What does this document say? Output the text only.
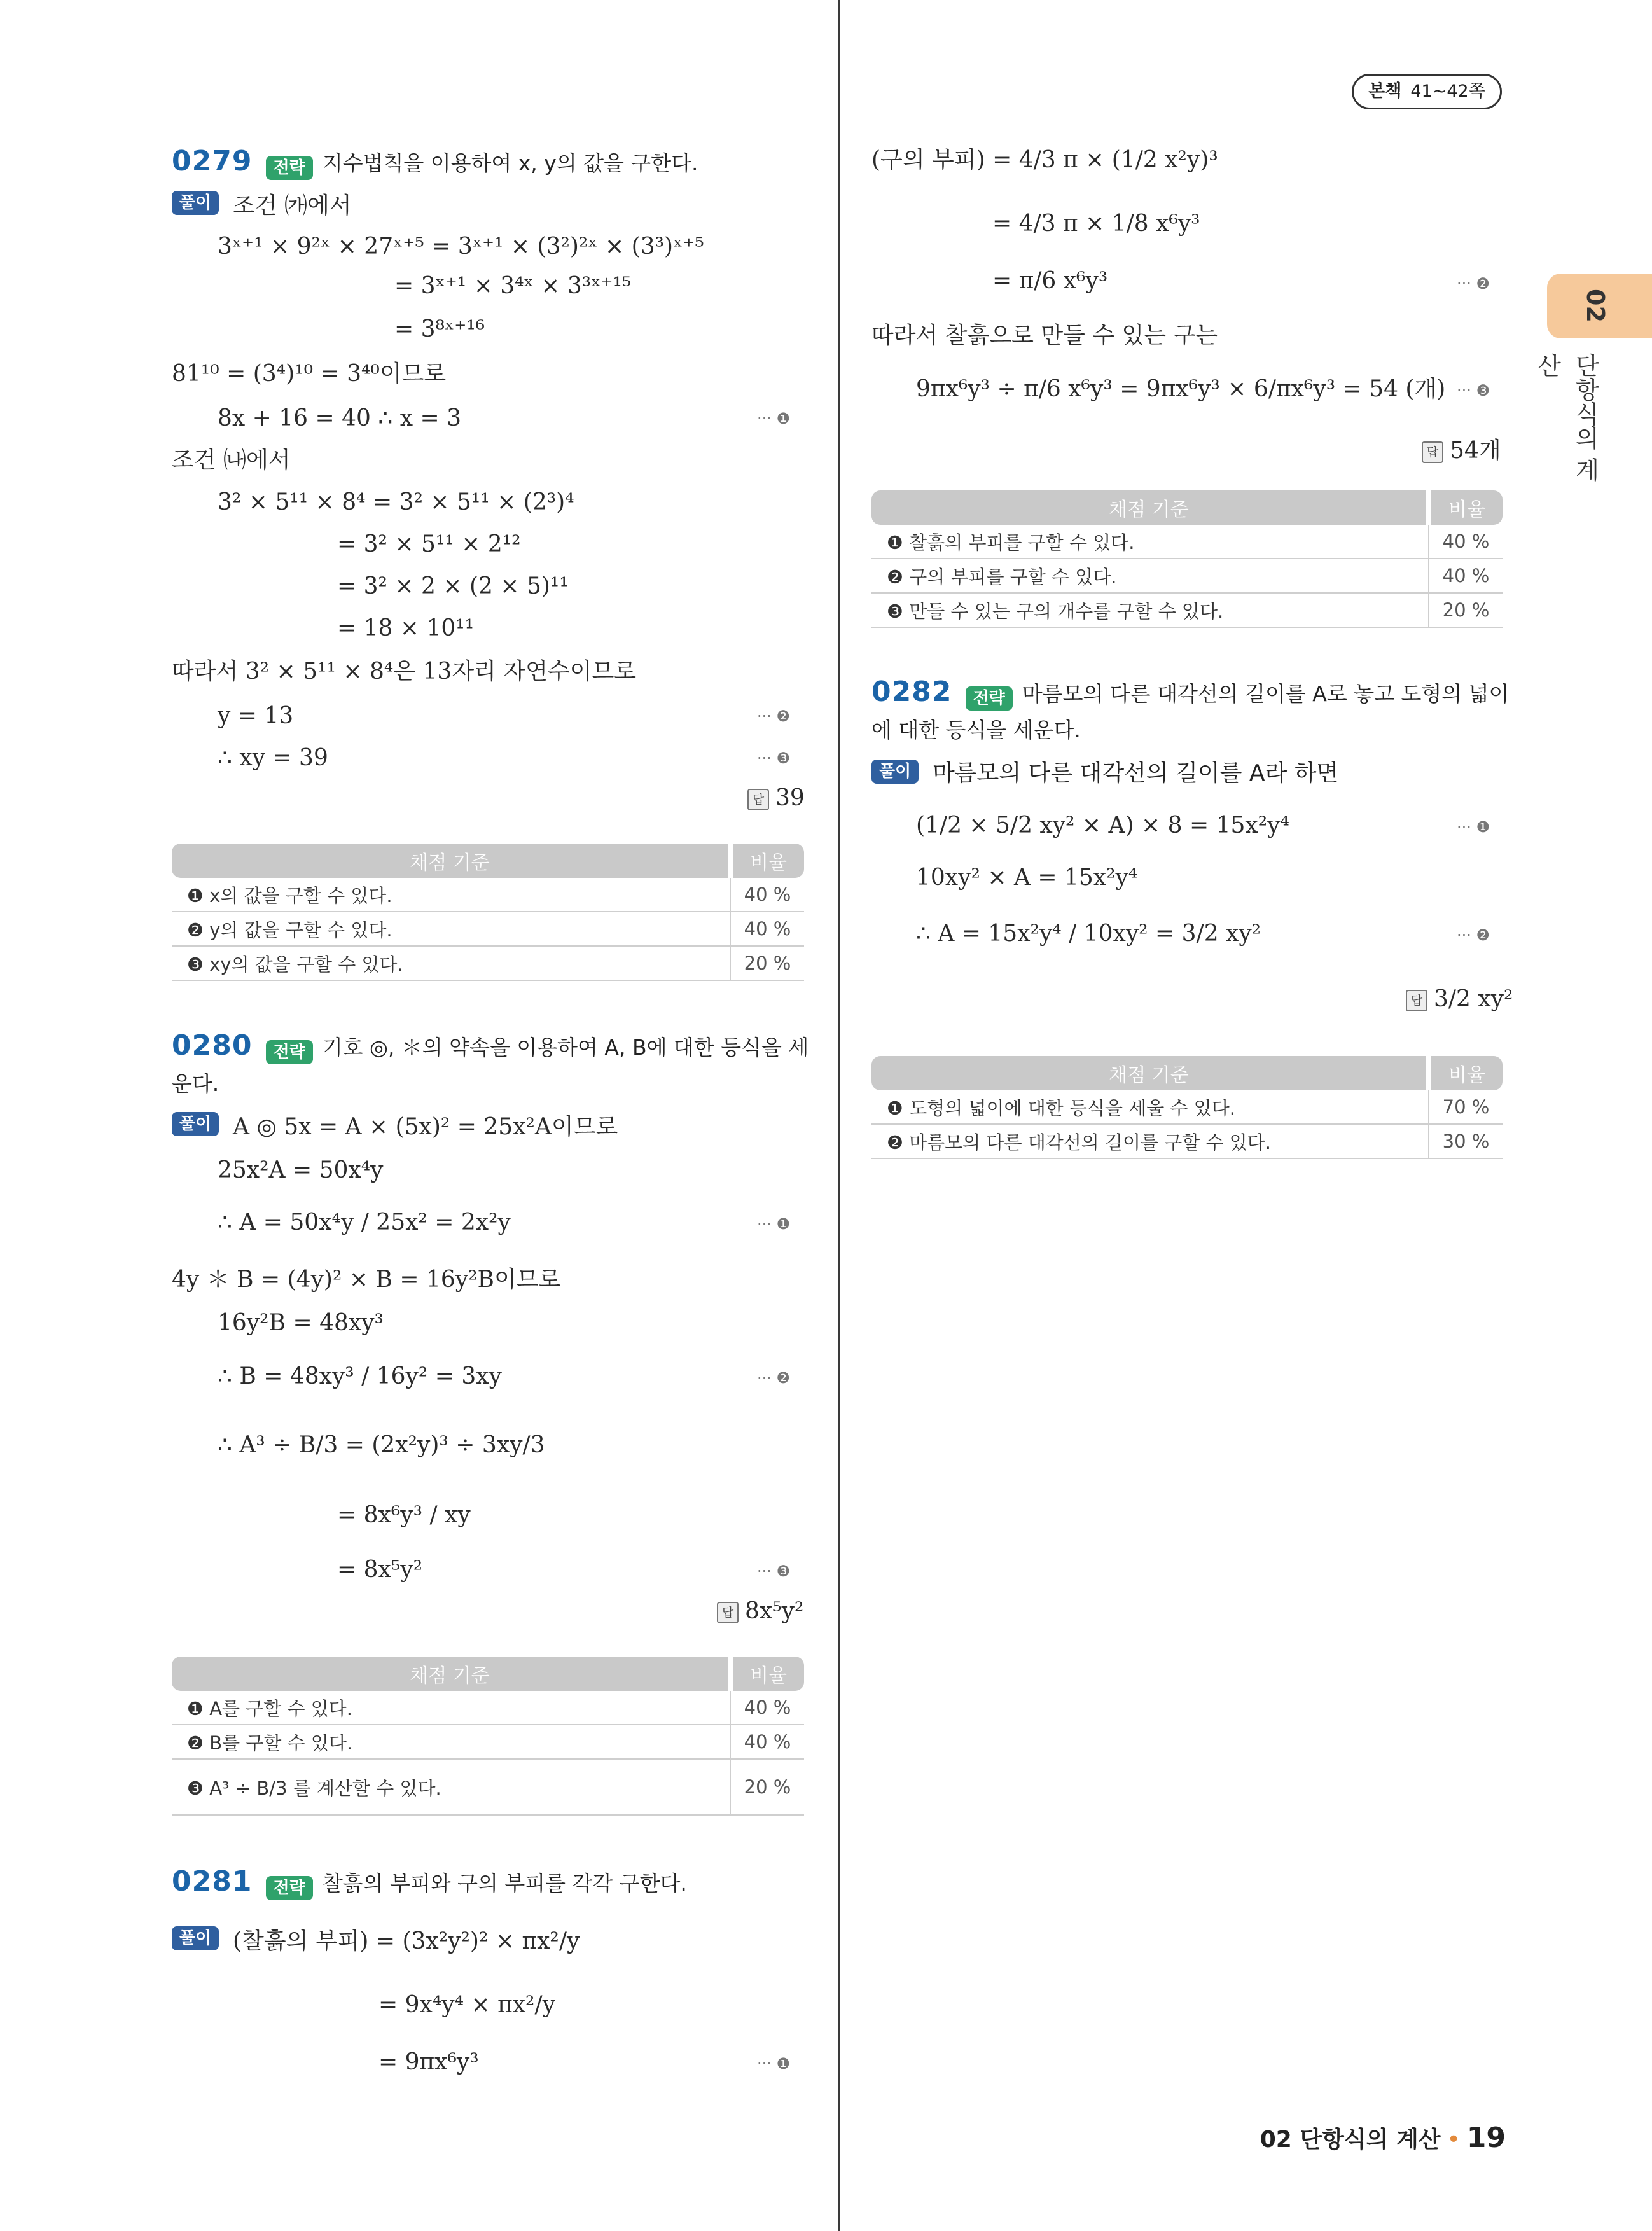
본책 41~42쪽
02
단항식의 계산
0279 전략 지수법칙을 이용하여 x, y의 값을 구한다.
풀이 조건 ㈎에서
3ˣ⁺¹ × 9²ˣ × 27ˣ⁺⁵ = 3ˣ⁺¹ × (3²)²ˣ × (3³)ˣ⁺⁵
= 3ˣ⁺¹ × 3⁴ˣ × 3³ˣ⁺¹⁵
= 3⁸ˣ⁺¹⁶
81¹⁰ = (3⁴)¹⁰ = 3⁴⁰이므로
8x + 16 = 40 ∴ x = 3	··· ❶
조건 ㈏에서
3² × 5¹¹ × 8⁴ = 3² × 5¹¹ × (2³)⁴
= 3² × 5¹¹ × 2¹²
= 3² × 2 × (2 × 5)¹¹
= 18 × 10¹¹
따라서 3² × 5¹¹ × 8⁴은 13자리 자연수이므로
y = 13	··· ❷
∴ xy = 39	··· ❸
답 39
채점 기준	비율
❶ x의 값을 구할 수 있다.	40 %
❷ y의 값을 구할 수 있다.	40 %
❸ xy의 값을 구할 수 있다.	20 %
0280 전략 기호 ◎, ＊의 약속을 이용하여 A, B에 대한 등식을 세
운다.
풀이 A ◎ 5x = A × (5x)² = 25x²A이므로
25x²A = 50x⁴y
∴ A = 50x⁴y / 25x² = 2x²y	··· ❶
4y ＊ B = (4y)² × B = 16y²B이므로
16y²B = 48xy³
∴ B = 48xy³ / 16y² = 3xy	··· ❷
∴ A³ ÷ B/3 = (2x²y)³ ÷ 3xy/3
= 8x⁶y³ / xy
= 8x⁵y²	··· ❸
답 8x⁵y²
채점 기준	비율
❶ A를 구할 수 있다.	40 %
❷ B를 구할 수 있다.	40 %
❸ A³ ÷ B/3 를 계산할 수 있다.	20 %
0281 전략 찰흙의 부피와 구의 부피를 각각 구한다.
풀이 (찰흙의 부피) = (3x²y²)² × πx²/y
= 9x⁴y⁴ × πx²/y
= 9πx⁶y³	··· ❶
(구의 부피) = 4/3 π × (1/2 x²y)³
= 4/3 π × 1/8 x⁶y³
= π/6 x⁶y³	··· ❷
따라서 찰흙으로 만들 수 있는 구는
9πx⁶y³ ÷ π/6 x⁶y³ = 9πx⁶y³ × 6/πx⁶y³ = 54 (개) ··· ❸
답 54개
채점 기준	비율
❶ 찰흙의 부피를 구할 수 있다.	40 %
❷ 구의 부피를 구할 수 있다.	40 %
❸ 만들 수 있는 구의 개수를 구할 수 있다.	20 %
0282 전략 마름모의 다른 대각선의 길이를 A로 놓고 도형의 넓이
에 대한 등식을 세운다.
풀이 마름모의 다른 대각선의 길이를 A라 하면
(1/2 × 5/2 xy² × A) × 8 = 15x²y⁴	··· ❶
10xy² × A = 15x²y⁴
∴ A = 15x²y⁴ / 10xy² = 3/2 xy²	··· ❷
답 3/2 xy²
채점 기준	비율
❶ 도형의 넓이에 대한 등식을 세울 수 있다.	70 %
❷ 마름모의 다른 대각선의 길이를 구할 수 있다.	30 %
02 단항식의 계산 • 19
